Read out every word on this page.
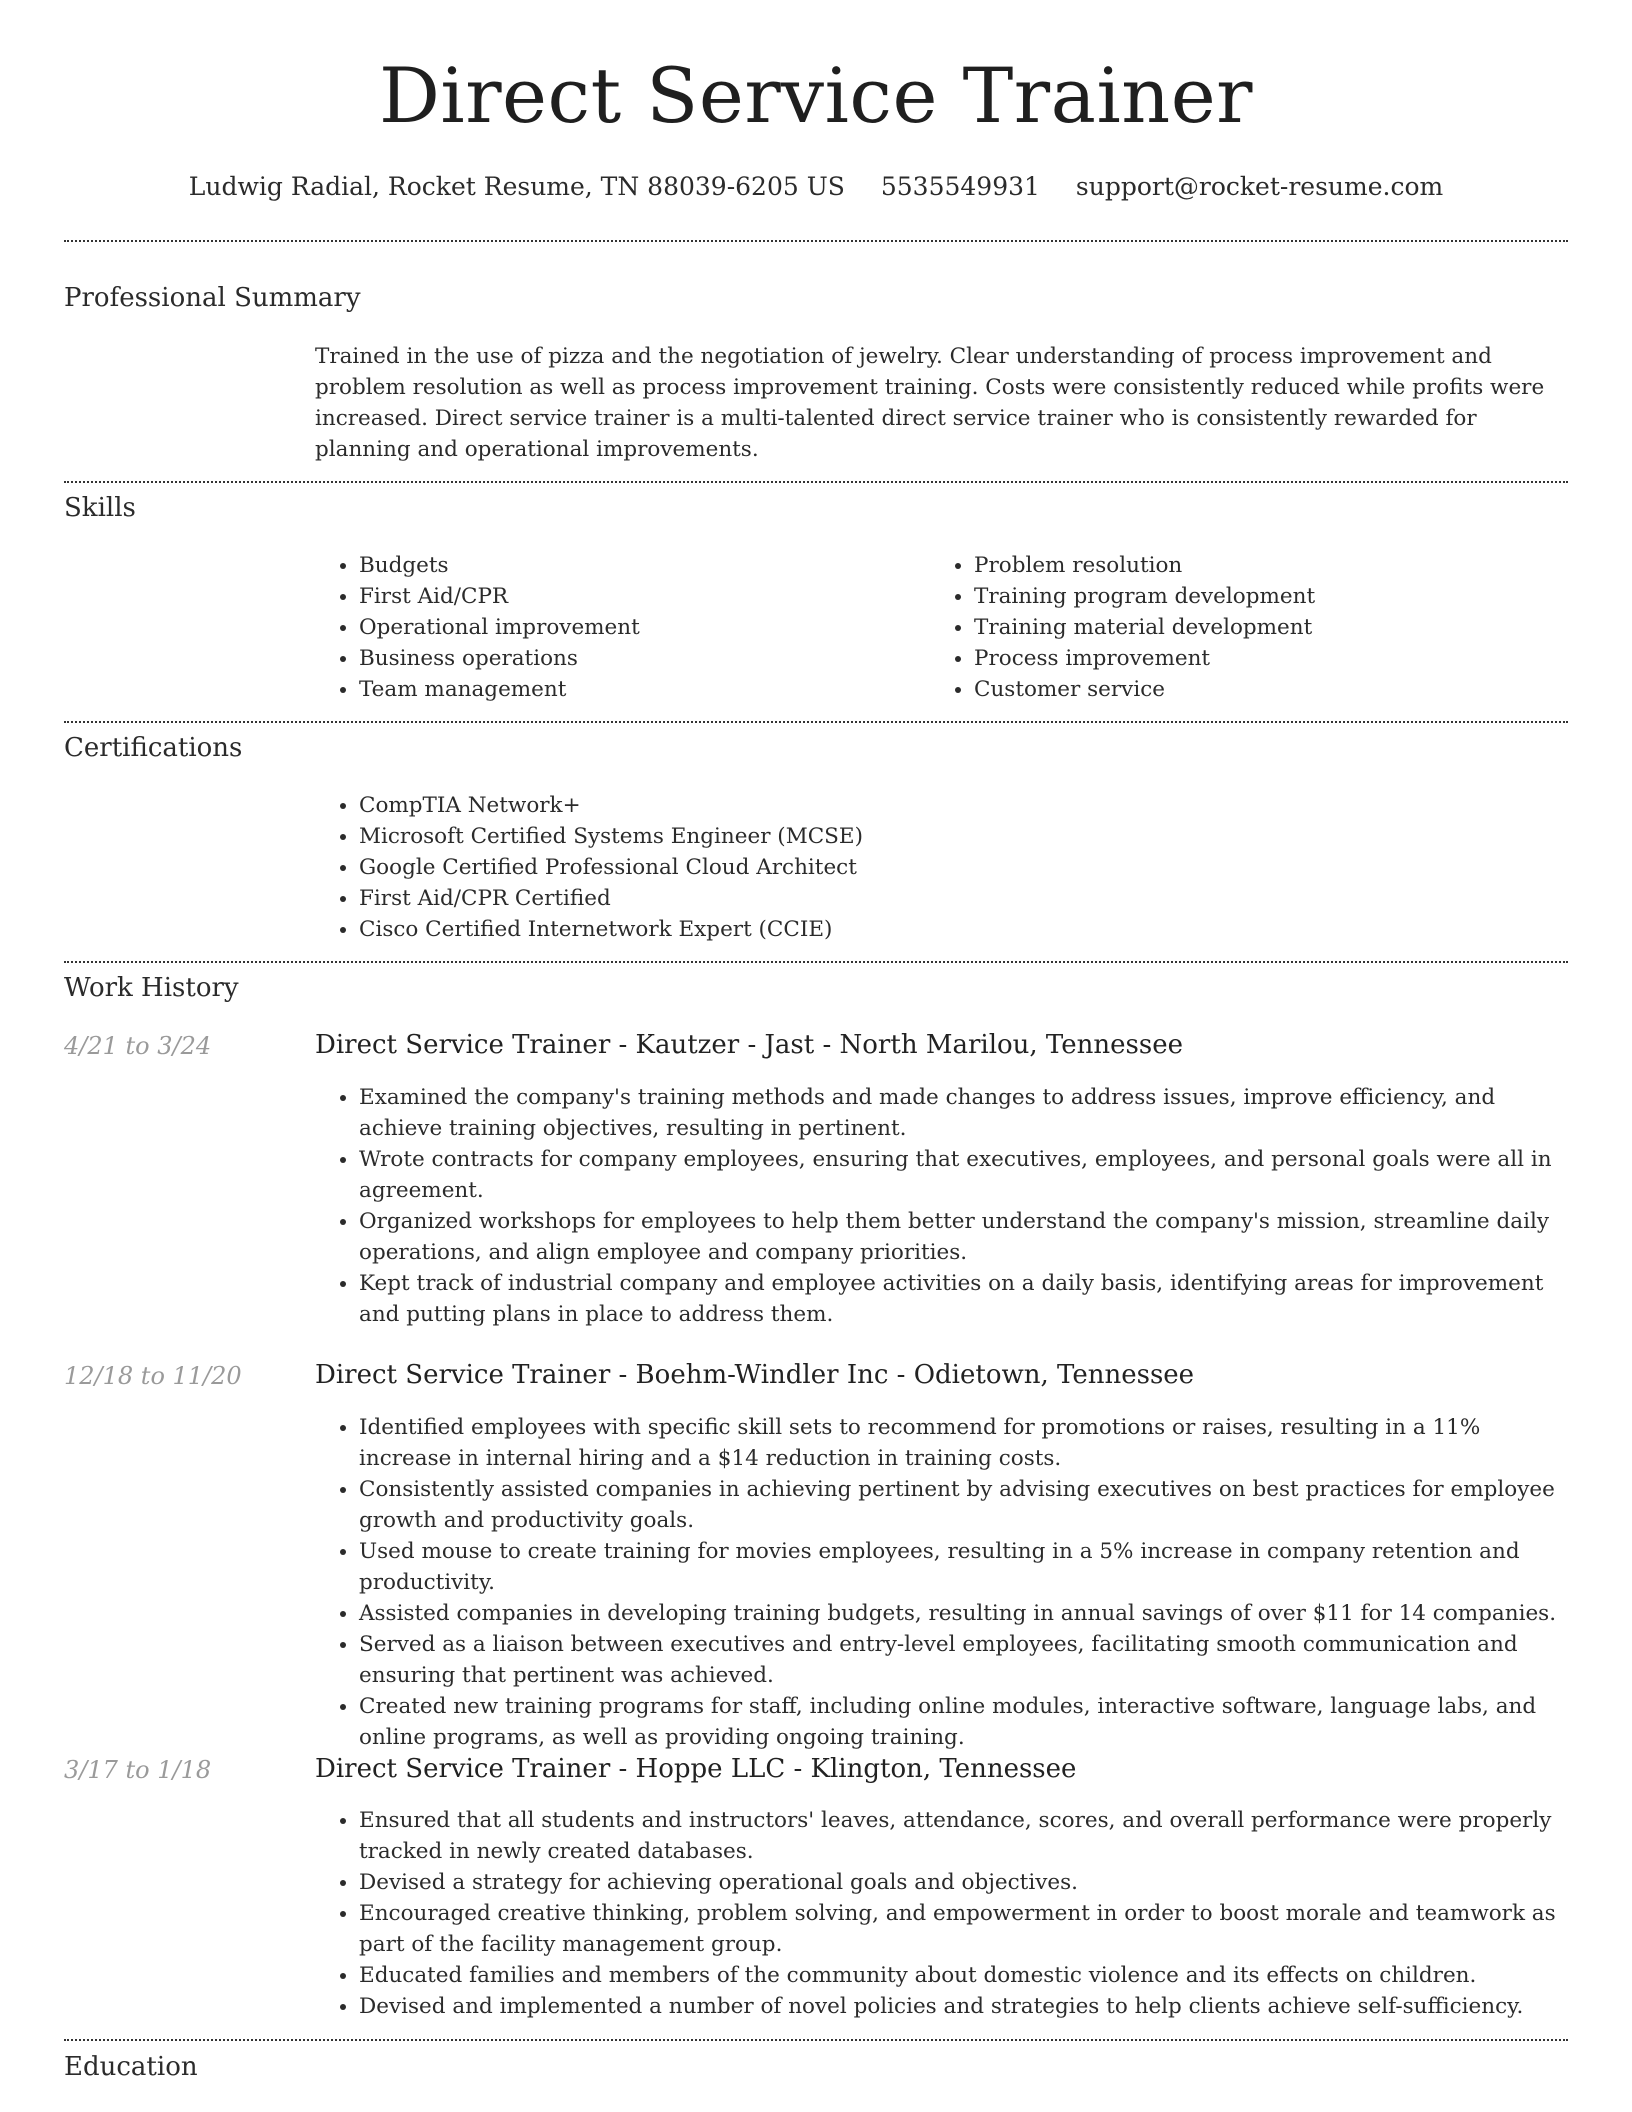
Direct Service Trainer
Ludwig Radial, Rocket Resume, TN 88039-6205 US 5535549931 support@rocket-resume.com
Professional Summary
Trained in the use of pizza and the negotiation of jewelry. Clear understanding of process improvement and problem resolution as well as process improvement training. Costs were consistently reduced while profits were increased. Direct service trainer is a multi-talented direct service trainer who is consistently rewarded for planning and operational improvements.
Skills
• Budgets
• First Aid/CPR
• Operational improvement
• Business operations
• Team management
• Problem resolution
• Training program development
• Training material development
• Process improvement
• Customer service
Certifications
• CompTIA Network+
• Microsoft Certified Systems Engineer (MCSE)
• Google Certified Professional Cloud Architect
• First Aid/CPR Certified
• Cisco Certified Internetwork Expert (CCIE)
Work History
4/21 to 3/24	Direct Service Trainer - Kautzer - Jast - North Marilou, Tennessee
• Examined the company's training methods and made changes to address issues, improve efficiency, and achieve training objectives, resulting in pertinent.
• Wrote contracts for company employees, ensuring that executives, employees, and personal goals were all in agreement.
• Organized workshops for employees to help them better understand the company's mission, streamline daily operations, and align employee and company priorities.
• Kept track of industrial company and employee activities on a daily basis, identifying areas for improvement and putting plans in place to address them.
12/18 to 11/20	Direct Service Trainer - Boehm-Windler Inc - Odietown, Tennessee
• Identified employees with specific skill sets to recommend for promotions or raises, resulting in a 11% increase in internal hiring and a $14 reduction in training costs.
• Consistently assisted companies in achieving pertinent by advising executives on best practices for employee growth and productivity goals.
• Used mouse to create training for movies employees, resulting in a 5% increase in company retention and productivity.
• Assisted companies in developing training budgets, resulting in annual savings of over $11 for 14 companies.
• Served as a liaison between executives and entry-level employees, facilitating smooth communication and ensuring that pertinent was achieved.
• Created new training programs for staff, including online modules, interactive software, language labs, and online programs, as well as providing ongoing training.
3/17 to 1/18	Direct Service Trainer - Hoppe LLC - Klington, Tennessee
• Ensured that all students and instructors' leaves, attendance, scores, and overall performance were properly tracked in newly created databases.
• Devised a strategy for achieving operational goals and objectives.
• Encouraged creative thinking, problem solving, and empowerment in order to boost morale and teamwork as part of the facility management group.
• Educated families and members of the community about domestic violence and its effects on children.
• Devised and implemented a number of novel policies and strategies to help clients achieve self-sufficiency.
Education
